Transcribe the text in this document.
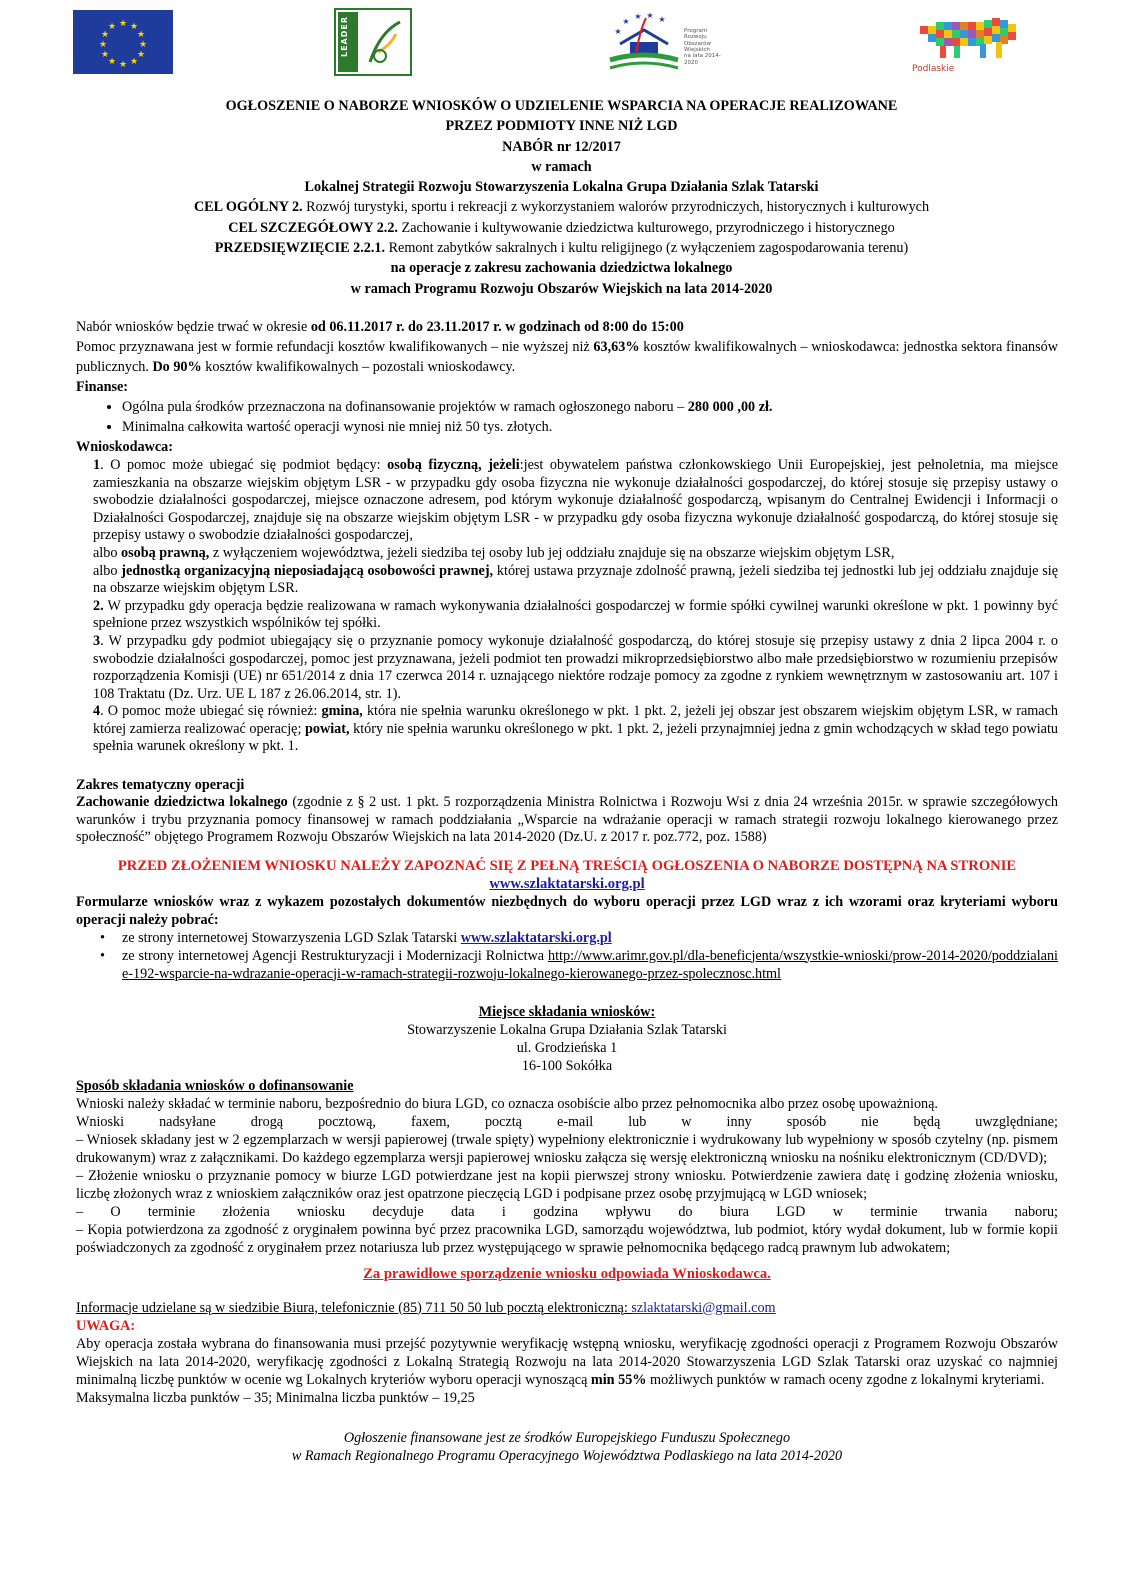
★ ★
★
★
★
★
★
★
★
★
★
★	LEADER	★
★ ★ ★
★	Program
Rozwoju
Obszarów
Wiejskich
na lata 2014-2020
Podlaskie

OGŁOSZENIE O NABORZE WNIOSKÓW O UDZIELENIE WSPARCIA NA OPERACJE REALIZOWANE

PRZEZ PODMIOTY INNE NIŻ LGD

NABÓR nr 12/2017

w ramach

Lokalnej Strategii Rozwoju Stowarzyszenia Lokalna Grupa Działania Szlak Tatarski

CEL OGÓLNY 2. Rozwój turystyki, sportu i rekreacji z wykorzystaniem walorów przyrodniczych, historycznych i kulturowych

CEL SZCZEGÓŁOWY 2.2. Zachowanie i kultywowanie dziedzictwa kulturowego, przyrodniczego i historycznego

PRZEDSIĘWZIĘCIE 2.2.1. Remont zabytków sakralnych i kultu religijnego (z wyłączeniem zagospodarowania terenu)

na operacje z zakresu zachowania dziedzictwa lokalnego

w ramach Programu Rozwoju Obszarów Wiejskich na lata 2014-2020

Nabór wniosków będzie trwać w okresie od 06.11.2017 r. do 23.11.2017 r. w godzinach od 8:00 do 15:00

Pomoc przyznawana jest w formie refundacji kosztów kwalifikowanych – nie wyższej niż 63,63% kosztów kwalifikowalnych – wnioskodawca: jednostka sektora finansów publicznych. Do 90% kosztów kwalifikowalnych – pozostali wnioskodawcy.

Finanse:

• Ogólna pula środków przeznaczona na dofinansowanie projektów w ramach ogłoszonego naboru – 280 000 ,00 zł.
• Minimalna całkowita wartość operacji wynosi nie mniej niż 50 tys. złotych.

Wnioskodawca:

1. O pomoc może ubiegać się podmiot będący: osobą fizyczną, jeżeli:jest obywatelem państwa członkowskiego Unii Europejskiej, jest pełnoletnia, ma miejsce zamieszkania na obszarze wiejskim objętym LSR - w przypadku gdy osoba fizyczna nie wykonuje działalności gospodarczej, do której stosuje się przepisy ustawy o swobodzie działalności gospodarczej, miejsce oznaczone adresem, pod którym wykonuje działalność gospodarczą, wpisanym do Centralnej Ewidencji i Informacji o Działalności Gospodarczej, znajduje się na obszarze wiejskim objętym LSR - w przypadku gdy osoba fizyczna wykonuje działalność gospodarczą, do której stosuje się przepisy ustawy o swobodzie działalności gospodarczej,

albo osobą prawną, z wyłączeniem województwa, jeżeli siedziba tej osoby lub jej oddziału znajduje się na obszarze wiejskim objętym LSR,

albo jednostką organizacyjną nieposiadającą osobowości prawnej, której ustawa przyznaje zdolność prawną, jeżeli siedziba tej jednostki lub jej oddziału znajduje się na obszarze wiejskim objętym LSR.

2. W przypadku gdy operacja będzie realizowana w ramach wykonywania działalności gospodarczej w formie spółki cywilnej warunki określone w pkt. 1 powinny być spełnione przez wszystkich wspólników tej spółki.

3. W przypadku gdy podmiot ubiegający się o przyznanie pomocy wykonuje działalność gospodarczą, do której stosuje się przepisy ustawy z dnia 2 lipca 2004 r. o swobodzie działalności gospodarczej, pomoc jest przyznawana, jeżeli podmiot ten prowadzi mikroprzedsiębiorstwo albo małe przedsiębiorstwo w rozumieniu przepisów rozporządzenia Komisji (UE) nr 651/2014 z dnia 17 czerwca 2014 r. uznającego niektóre rodzaje pomocy za zgodne z rynkiem wewnętrznym w zastosowaniu art. 107 i 108 Traktatu (Dz. Urz. UE L 187 z 26.06.2014, str. 1).

4. O pomoc może ubiegać się również: gmina, która nie spełnia warunku określonego w pkt. 1 pkt. 2, jeżeli jej obszar jest obszarem wiejskim objętym LSR, w ramach której zamierza realizować operację; powiat, który nie spełnia warunku określonego w pkt. 1 pkt. 2, jeżeli przynajmniej jedna z gmin wchodzących w skład tego powiatu spełnia warunek określony w pkt. 1.

Zakres tematyczny operacji

Zachowanie dziedzictwa lokalnego (zgodnie z § 2 ust. 1 pkt. 5 rozporządzenia Ministra Rolnictwa i Rozwoju Wsi z dnia 24 września 2015r. w sprawie szczegółowych warunków i trybu przyznania pomocy finansowej w ramach poddziałania „Wsparcie na wdrażanie operacji w ramach strategii rozwoju lokalnego kierowanego przez społeczność” objętego Programem Rozwoju Obszarów Wiejskich na lata 2014-2020 (Dz.U. z 2017 r. poz.772, poz. 1588)

PRZED ZŁOŻENIEM WNIOSKU NALEŻY ZAPOZNAĆ SIĘ Z PEŁNĄ TREŚCIĄ OGŁOSZENIA O NABORZE DOSTĘPNĄ NA STRONIE www.szlaktatarski.org.pl

Formularze wniosków wraz z wykazem pozostałych dokumentów niezbędnych do wyboru operacji przez LGD wraz z ich wzorami oraz kryteriami wyboru operacji należy pobrać:

• ze strony internetowej Stowarzyszenia LGD Szlak Tatarski www.szlaktatarski.org.pl
• ze strony internetowej Agencji Restrukturyzacji i Modernizacji Rolnictwa http://www.arimr.gov.pl/dla-beneficjenta/wszystkie-wnioski/prow-2014-2020/poddzialanie-192-wsparcie-na-wdrazanie-operacji-w-ramach-strategii-rozwoju-lokalnego-kierowanego-przez-spolecznosc.html

Miejsce składania wniosków:

Stowarzyszenie Lokalna Grupa Działania Szlak Tatarski

ul. Grodzieńska 1

16-100 Sokółka

Sposób składania wniosków o dofinansowanie

Wnioski należy składać w terminie naboru, bezpośrednio do biura LGD, co oznacza osobiście albo przez pełnomocnika albo przez osobę upoważnioną.

Wnioski nadsyłane drogą pocztową, faxem, pocztą e-mail lub w inny sposób nie będą uwzględniane;

– Wniosek składany jest w 2 egzemplarzach w wersji papierowej (trwale spięty) wypełniony elektronicznie i wydrukowany lub wypełniony w sposób czytelny (np. pismem drukowanym) wraz z załącznikami. Do każdego egzemplarza wersji papierowej wniosku załącza się wersję elektroniczną wniosku na nośniku elektronicznym (CD/DVD);

– Złożenie wniosku o przyznanie pomocy w biurze LGD potwierdzane jest na kopii pierwszej strony wniosku. Potwierdzenie zawiera datę i godzinę złożenia wniosku, liczbę złożonych wraz z wnioskiem załączników oraz jest opatrzone pieczęcią LGD i podpisane przez osobę przyjmującą w LGD wniosek;

– O terminie złożenia wniosku decyduje data i godzina wpływu do biura LGD w terminie trwania naboru;

– Kopia potwierdzona za zgodność z oryginałem powinna być przez pracownika LGD, samorządu województwa, lub podmiot, który wydał dokument, lub w formie kopii poświadczonych za zgodność z oryginałem przez notariusza lub przez występującego w sprawie pełnomocnika będącego radcą prawnym lub adwokatem;

Za prawidłowe sporządzenie wniosku odpowiada Wnioskodawca.

Informacje udzielane są w siedzibie Biura, telefonicznie (85) 711 50 50 lub pocztą elektroniczną: szlaktatarski@gmail.com

UWAGA:

Aby operacja została wybrana do finansowania musi przejść pozytywnie weryfikację wstępną wniosku, weryfikację zgodności operacji z Programem Rozwoju Obszarów Wiejskich na lata 2014-2020, weryfikację zgodności z Lokalną Strategią Rozwoju na lata 2014-2020 Stowarzyszenia LGD Szlak Tatarski oraz uzyskać co najmniej minimalną liczbę punktów w ocenie wg Lokalnych kryteriów wyboru operacji wynoszącą min 55% możliwych punktów w ramach oceny zgodne z lokalnymi kryteriami.

Maksymalna liczba punktów – 35; Minimalna liczba punktów – 19,25

Ogłoszenie finansowane jest ze środków Europejskiego Funduszu Społecznego

w Ramach Regionalnego Programu Operacyjnego Województwa Podlaskiego na lata 2014-2020
